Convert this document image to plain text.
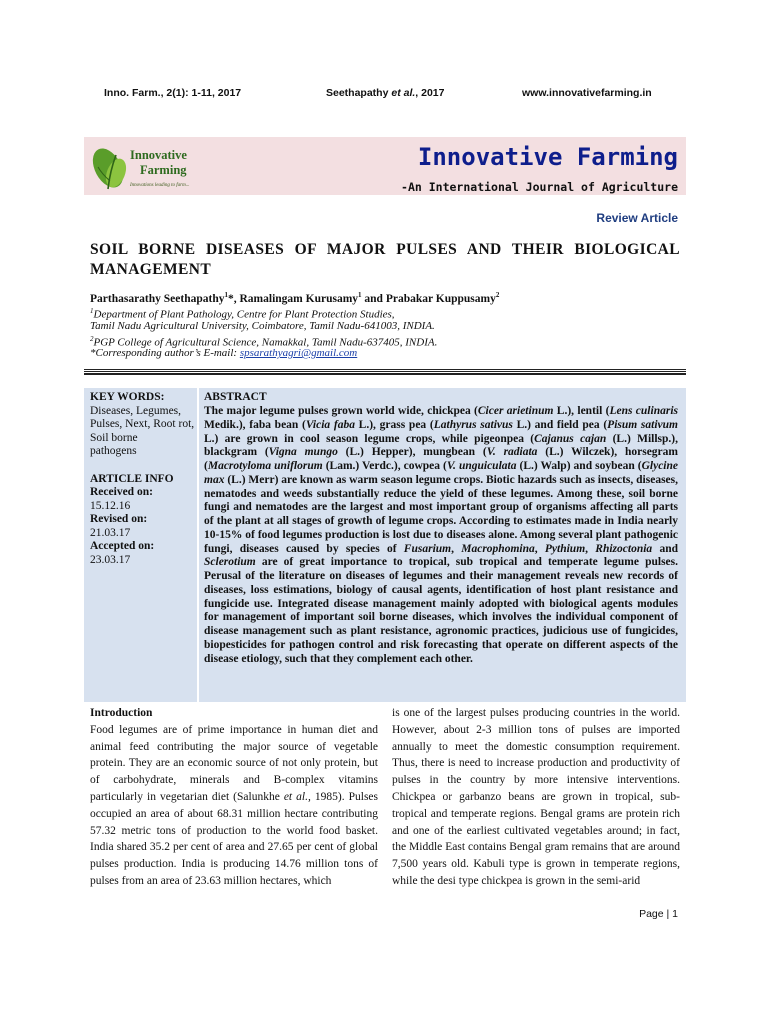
Inno. Farm., 2(1): 1-11, 2017	Seethapathy et al., 2017	www.innovativefarming.in
Innovative
Farming
Innovations leading to farm...
Innovative Farming
-An International Journal of Agriculture
Review Article
SOIL BORNE DISEASES OF MAJOR PULSES AND THEIR BIOLOGICAL MANAGEMENT
Parthasarathy Seethapathy$^1$*, Ramalingam Kurusamy$^1$ and Prabakar Kuppusamy$^2$
$^1$Department of Plant Pathology, Centre for Plant Protection Studies,
Tamil Nadu Agricultural University, Coimbatore, Tamil Nadu-641003, INDIA.
$^2$PGP College of Agricultural Science, Namakkal, Tamil Nadu-637405, INDIA.
*Corresponding author’s E-mail: spsarathyagri@gmail.com
KEY WORDS:
Diseases, Legumes,
Pulses, Next, Root rot,
Soil borne
pathogens
ARTICLE INFO
Received on:
15.12.16
Revised on:
21.03.17
Accepted on:
23.03.17
ABSTRACT
The major legume pulses grown world wide, chickpea (Cicer arietinum L.), lentil (Lens culinaris Medik.), faba bean (Vicia faba L.), grass pea (Lathyrus sativus L.) and field pea (Pisum sativum L.) are grown in cool season legume crops, while pigeonpea (Cajanus cajan (L.) Millsp.), blackgram (Vigna mungo (L.) Hepper), mungbean (V. radiata (L.) Wilczek), horsegram (Macrotyloma uniflorum (Lam.) Verdc.), cowpea (V. unguiculata (L.) Walp) and soybean (Glycine max (L.) Merr) are known as warm season legume crops. Biotic hazards such as insects, diseases, nematodes and weeds substantially reduce the yield of these legumes. Among these, soil borne fungi and nematodes are the largest and most important group of organisms affecting all parts of the plant at all stages of growth of legume crops. According to estimates made in India nearly 10-15% of food legumes production is lost due to diseases alone. Among several plant pathogenic fungi, diseases caused by species of Fusarium, Macrophomina, Pythium, Rhizoctonia and Sclerotium are of great importance to tropical, sub tropical and temperate legume pulses. Perusal of the literature on diseases of legumes and their management reveals new records of diseases, loss estimations, biology of causal agents, identification of host plant resistance and fungicide use. Integrated disease management mainly adopted with biological agents modules for management of important soil borne diseases, which involves the individual component of disease management such as plant resistance, agronomic practices, judicious use of fungicides, biopesticides for pathogen control and risk forecasting that operate on different aspects of the disease etiology, such that they complement each other.
Introduction
Food legumes are of prime importance in human diet and animal feed contributing the major source of vegetable protein. They are an economic source of not only protein, but of carbohydrate, minerals and B-complex vitamins particularly in vegetarian diet (Salunkhe et al., 1985). Pulses occupied an area of about 68.31 million hectare contributing 57.32 metric tons of production to the world food basket. India shared 35.2 per cent of area and 27.65 per cent of global pulses production. India is producing 14.76 million tons of pulses from an area of 23.63 million hectares, which
is one of the largest pulses producing countries in the world. However, about 2-3 million tons of pulses are imported annually to meet the domestic consumption requirement. Thus, there is need to increase production and productivity of pulses in the country by more intensive interventions. Chickpea or garbanzo beans are grown in tropical, sub-tropical and temperate regions. Bengal grams are protein rich and one of the earliest cultivated vegetables around; in fact, the Middle East contains Bengal gram remains that are around 7,500 years old. Kabuli type is grown in temperate regions, while the desi type chickpea is grown in the semi-arid
Page | 1
